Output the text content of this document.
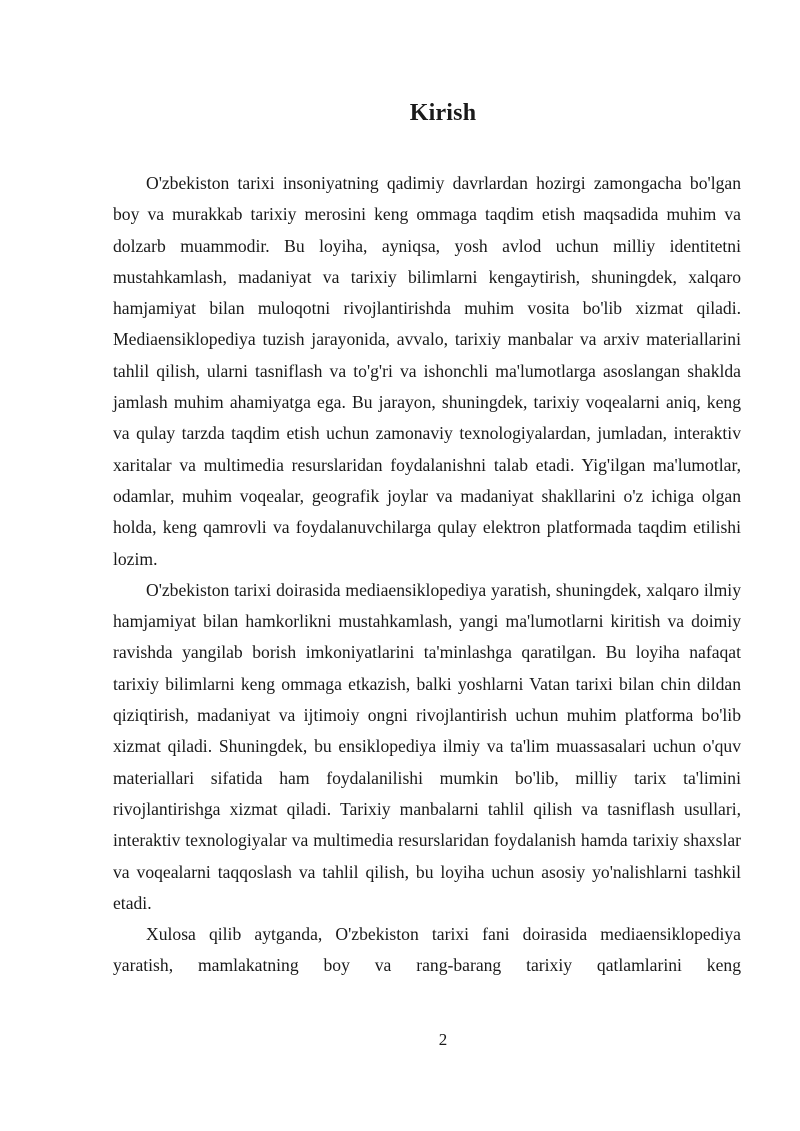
Kirish

O'zbekiston tarixi insoniyatning qadimiy davrlardan hozirgi zamongacha bo'lgan boy va murakkab tarixiy merosini keng ommaga taqdim etish maqsadida muhim va dolzarb muammodir. Bu loyiha, ayniqsa, yosh avlod uchun milliy identitetni mustahkamlash, madaniyat va tarixiy bilimlarni kengaytirish, shuningdek, xalqaro hamjamiyat bilan muloqotni rivojlantirishda muhim vosita bo'lib xizmat qiladi. Mediaensiklopediya tuzish jarayonida, avvalo, tarixiy manbalar va arxiv materiallarini tahlil qilish, ularni tasniflash va to'g'ri va ishonchli ma'lumotlarga asoslangan shaklda jamlash muhim ahamiyatga ega. Bu jarayon, shuningdek, tarixiy voqealarni aniq, keng va qulay tarzda taqdim etish uchun zamonaviy texnologiyalardan, jumladan, interaktiv xaritalar va multimedia resurslaridan foydalanishni talab etadi. Yig'ilgan ma'lumotlar, odamlar, muhim voqealar, geografik joylar va madaniyat shakllarini o'z ichiga olgan holda, keng qamrovli va foydalanuvchilarga qulay elektron platformada taqdim etilishi lozim.

O'zbekiston tarixi doirasida mediaensiklopediya yaratish, shuningdek, xalqaro ilmiy hamjamiyat bilan hamkorlikni mustahkamlash, yangi ma'lumotlarni kiritish va doimiy ravishda yangilab borish imkoniyatlarini ta'minlashga qaratilgan. Bu loyiha nafaqat tarixiy bilimlarni keng ommaga etkazish, balki yoshlarni Vatan tarixi bilan chin dildan qiziqtirish, madaniyat va ijtimoiy ongni rivojlantirish uchun muhim platforma bo'lib xizmat qiladi. Shuningdek, bu ensiklopediya ilmiy va ta'lim muassasalari uchun o'quv materiallari sifatida ham foydalanilishi mumkin bo'lib, milliy tarix ta'limini rivojlantirishga xizmat qiladi. Tarixiy manbalarni tahlil qilish va tasniflash usullari, interaktiv texnologiyalar va multimedia resurslaridan foydalanish hamda tarixiy shaxslar va voqealarni taqqoslash va tahlil qilish, bu loyiha uchun asosiy yo'nalishlarni tashkil etadi.

Xulosa qilib aytganda, O'zbekiston tarixi fani doirasida mediaensiklopediya yaratish, mamlakatning boy va rang-barang tarixiy qatlamlarini keng

2
